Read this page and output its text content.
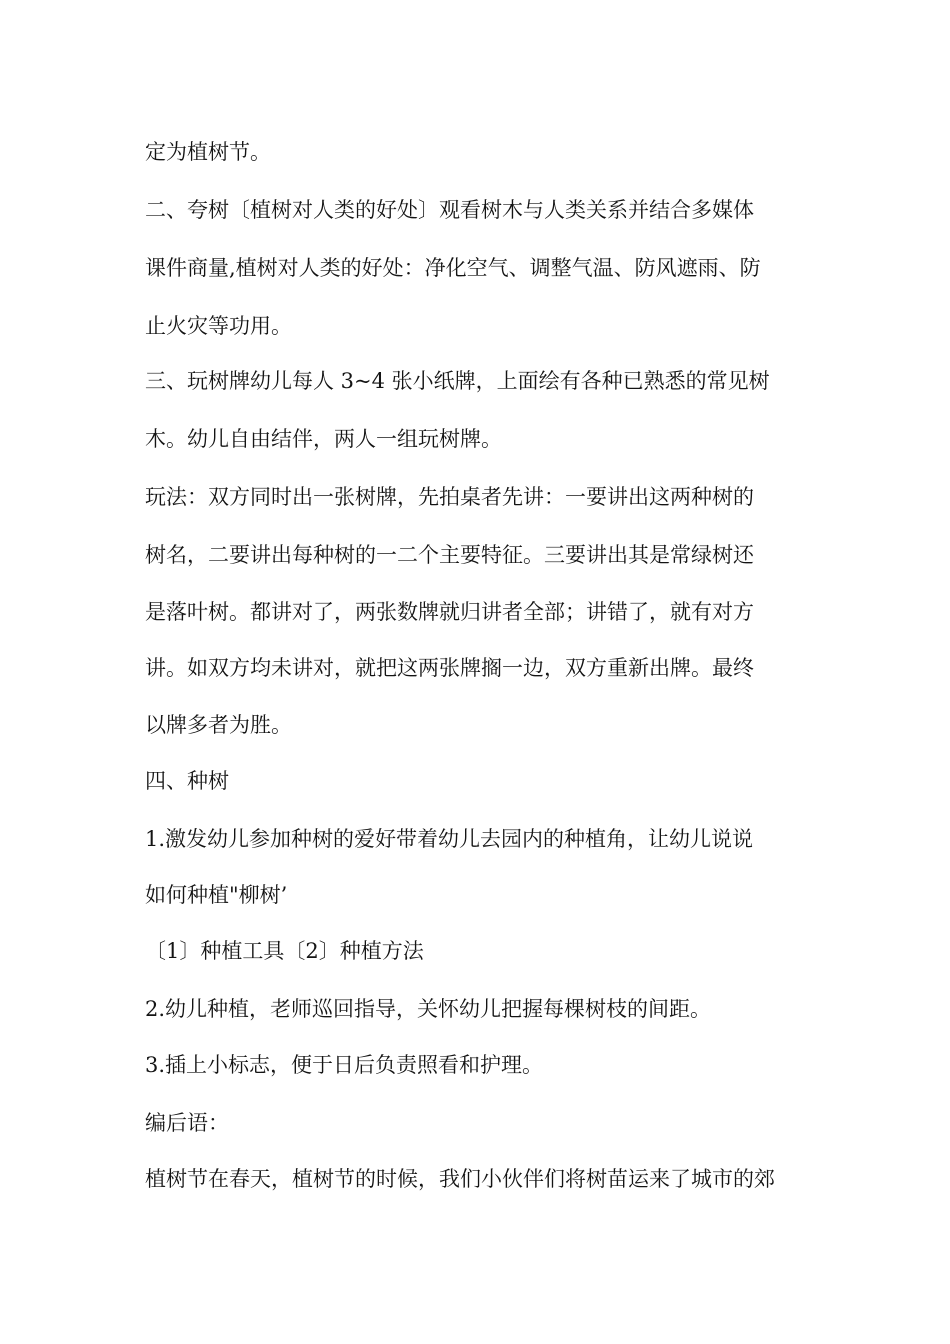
定为植树节。
二、夸树〔植树对人类的好处〕观看树木与人类关系并结合多媒体
课件商量,植树对人类的好处：净化空气、调整气温、防风遮雨、防
止火灾等功用。
三、玩树牌幼儿每人 3~4 张小纸牌，上面绘有各种已熟悉的常见树
木。幼儿自由结伴，两人一组玩树牌。
玩法：双方同时出一张树牌，先拍桌者先讲：一要讲出这两种树的
树名，二要讲出每种树的一二个主要特征。三要讲出其是常绿树还
是落叶树。都讲对了，两张数牌就归讲者全部；讲错了，就有对方
讲。如双方均未讲对，就把这两张牌搁一边，双方重新出牌。最终
以牌多者为胜。
四、种树
1.激发幼儿参加种树的爱好带着幼儿去园内的种植角，让幼儿说说
如何种植"柳树’
〔1〕种植工具〔2〕种植方法
2.幼儿种植，老师巡回指导，关怀幼儿把握每棵树枝的间距。
3.插上小标志，便于日后负责照看和护理。
编后语：
植树节在春天，植树节的时候，我们小伙伴们将树苗运来了城市的郊
